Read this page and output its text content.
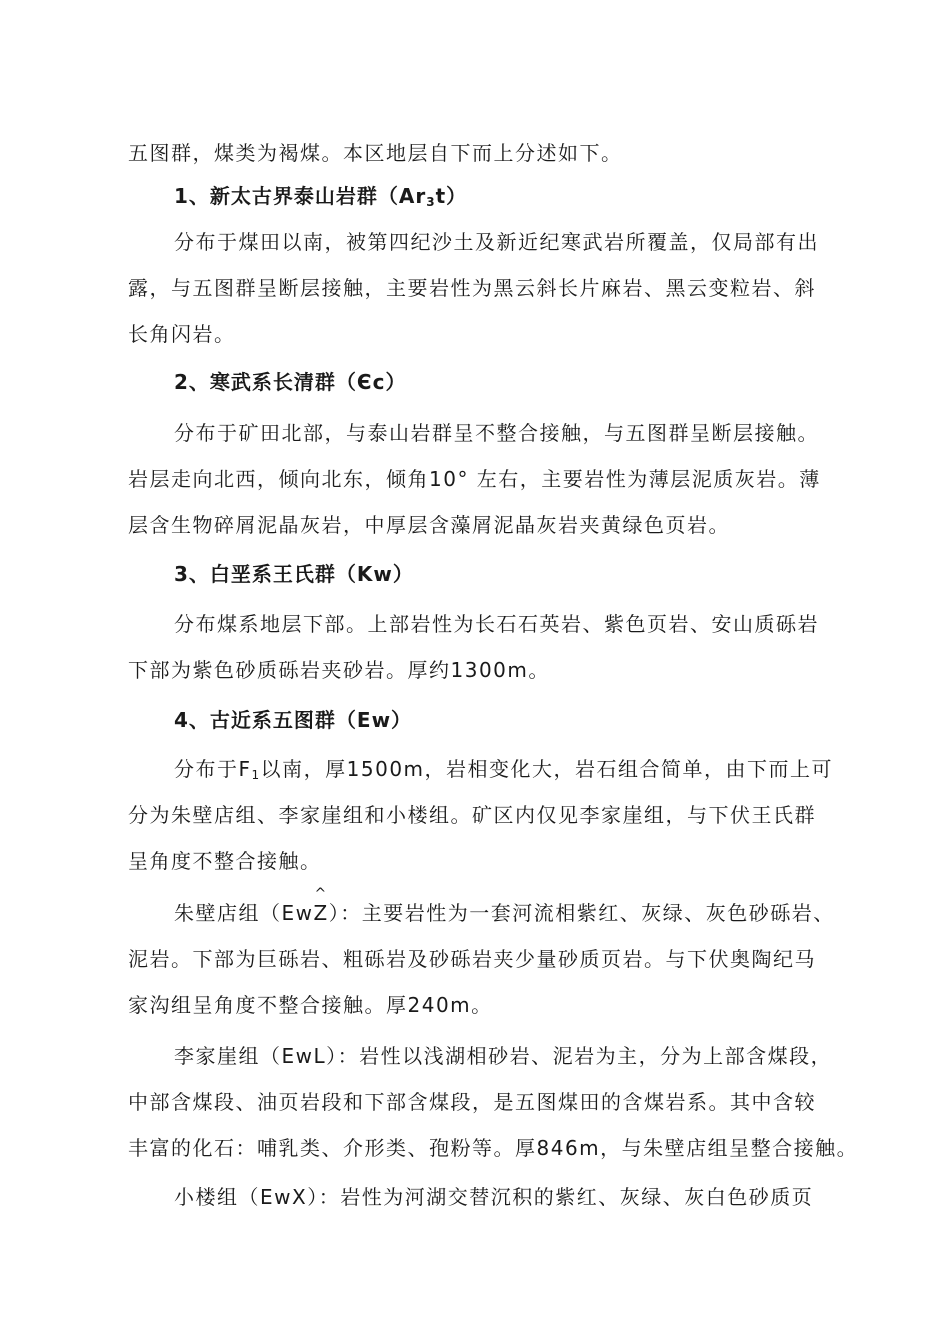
五图群，煤类为褐煤。本区地层自下而上分述如下。
1、新太古界泰山岩群$(Ar_3t)$
分布于煤田以南，被第四纪沙土及新近纪寒武岩所覆盖，仅局部有出
露，与五图群呈断层接触，主要岩性为黑云斜长片麻岩、黑云变粒岩、斜
长角闪岩。
2、寒武系长清群（Єc）
分布于矿田北部，与泰山岩群呈不整合接触，与五图群呈断层接触。
岩层走向北西，倾向北东，倾角10° 左右，主要岩性为薄层泥质灰岩。薄
层含生物碎屑泥晶灰岩，中厚层含藻屑泥晶灰岩夹黄绿色页岩。
3、白垩系王氏群（Kw）
分布煤系地层下部。上部岩性为长石石英岩、紫色页岩、安山质砾岩
下部为紫色砂质砾岩夹砂岩。厚约1300m。
4、古近系五图群（Ew）
分布于$F_1$以南，厚1500m，岩相变化大，岩石组合简单，由下而上可
分为朱壁店组、李家崖组和小楼组。矿区内仅见李家崖组，与下伏王氏群
呈角度不整合接触。
朱壁店组（Ew^ Z）：主要岩性为一套河流相紫红、灰绿、灰色砂砾岩、
泥岩。下部为巨砾岩、粗砾岩及砂砾岩夹少量砂质页岩。与下伏奥陶纪马
家沟组呈角度不整合接触。厚240m。
李家崖组（EwL）：岩性以浅湖相砂岩、泥岩为主，分为上部含煤段，
中部含煤段、油页岩段和下部含煤段，是五图煤田的含煤岩系。其中含较
丰富的化石：哺乳类、介形类、孢粉等。厚846m，与朱壁店组呈整合接触。
小楼组（EwX）：岩性为河湖交替沉积的紫红、灰绿、灰白色砂质页
